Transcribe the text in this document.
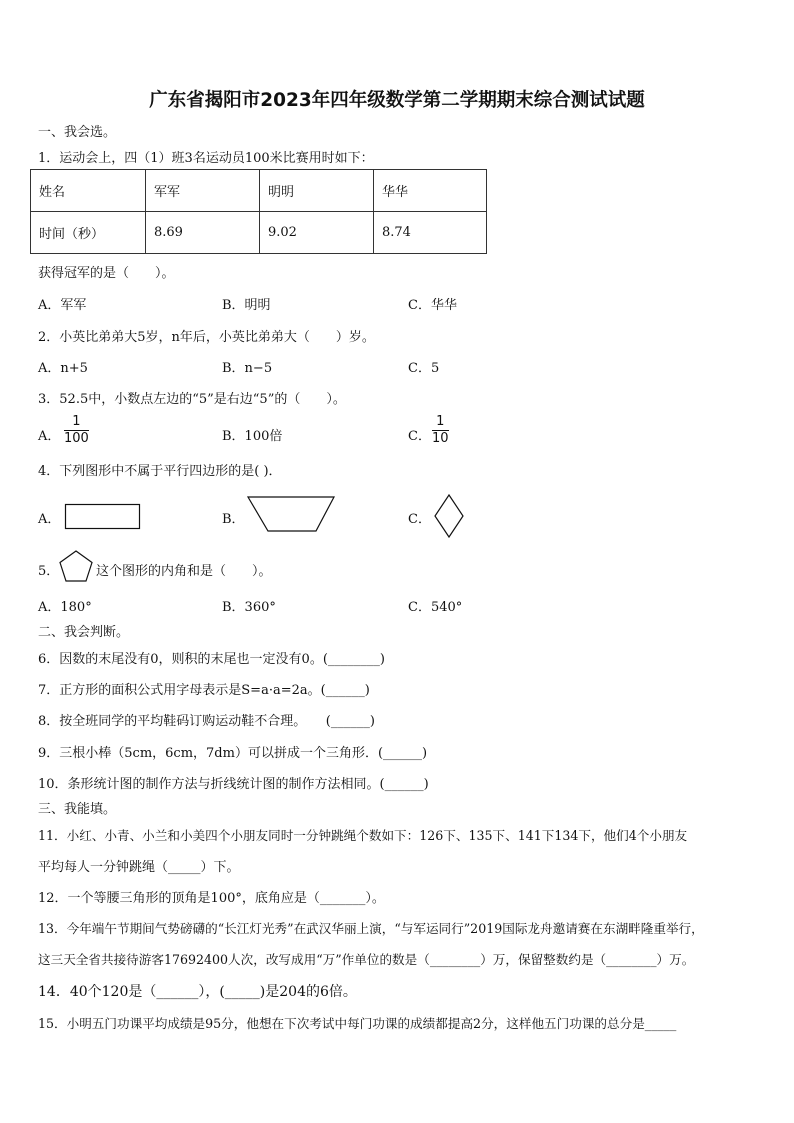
广东省揭阳市2023年四年级数学第二学期期末综合测试试题
一、我会选。
1．运动会上，四（1）班3名运动员100米比赛用时如下：
姓名	军军	明明	华华
时间（秒）	8.69	9.02	8.74
获得冠军的是（　　）。
A．军军	B．明明	C．华华
2．小英比弟弟大5岁，n年后，小英比弟弟大（　　）岁。
A．n+5	B．n−5	C．5
3．52.5中，小数点左边的“5”是右边“5”的（　　）。
A． $\frac{1}{100}$	B．100倍	C． $\frac{1}{10}$
4．下列图形中不属于平行四边形的是( )．
A．	B．	C．
5．	这个图形的内角和是（　　）。
A．180°	B．360°	C．540°
二、我会判断。
6．因数的末尾没有0，则积的末尾也一定没有0。(________)
7．正方形的面积公式用字母表示是S=a·a=2a。(______)
8．按全班同学的平均鞋码订购运动鞋不合理。　　(______)
9．三根小棒（5cm，6cm，7dm）可以拼成一个三角形．(______)
10．条形统计图的制作方法与折线统计图的制作方法相同。(______)
三、我能填。
11．小红、小青、小兰和小美四个小朋友同时一分钟跳绳个数如下：126下、135下、141下134下，他们4个小朋友
平均每人一分钟跳绳（_____）下。
12．一个等腰三角形的顶角是100°，底角应是（_______）。
13．今年端午节期间气势磅礴的“长江灯光秀”在武汉华丽上演，“与军运同行”2019国际龙舟邀请赛在东湖畔隆重举行，
这三天全省共接待游客17692400人次，改写成用“万”作单位的数是（________）万，保留整数约是（________）万。
14．40个120是（______），(_____)是204的6倍。
15．小明五门功课平均成绩是95分，他想在下次考试中每门功课的成绩都提高2分，这样他五门功课的总分是_____
